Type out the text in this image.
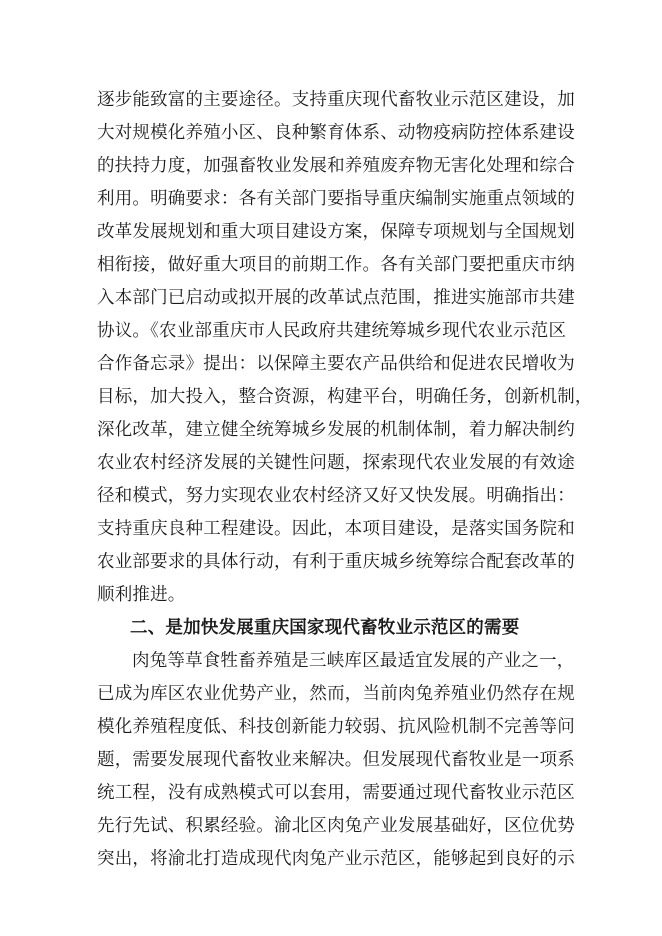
逐步能致富的主要途径。支持重庆现代畜牧业示范区建设，加
大对规模化养殖小区、良种繁育体系、动物疫病防控体系建设
的扶持力度，加强畜牧业发展和养殖废弃物无害化处理和综合
利用。明确要求：各有关部门要指导重庆编制实施重点领域的
改革发展规划和重大项目建设方案，保障专项规划与全国规划
相衔接，做好重大项目的前期工作。各有关部门要把重庆市纳
入本部门已启动或拟开展的改革试点范围，推进实施部市共建
协议。《农业部重庆市人民政府共建统筹城乡现代农业示范区
合作备忘录》提出：以保障主要农产品供给和促进农民增收为
目标，加大投入，整合资源，构建平台，明确任务，创新机制，
深化改革，建立健全统筹城乡发展的机制体制，着力解决制约
农业农村经济发展的关键性问题，探索现代农业发展的有效途
径和模式，努力实现农业农村经济又好又快发展。明确指出：
支持重庆良种工程建设。因此，本项目建设，是落实国务院和
农业部要求的具体行动，有利于重庆城乡统筹综合配套改革的
顺利推进。
二、是加快发展重庆国家现代畜牧业示范区的需要
肉兔等草食牲畜养殖是三峡库区最适宜发展的产业之一，
已成为库区农业优势产业，然而，当前肉兔养殖业仍然存在规
模化养殖程度低、科技创新能力较弱、抗风险机制不完善等问
题，需要发展现代畜牧业来解决。但发展现代畜牧业是一项系
统工程，没有成熟模式可以套用，需要通过现代畜牧业示范区
先行先试、积累经验。渝北区肉兔产业发展基础好，区位优势
突出，将渝北打造成现代肉兔产业示范区，能够起到良好的示
